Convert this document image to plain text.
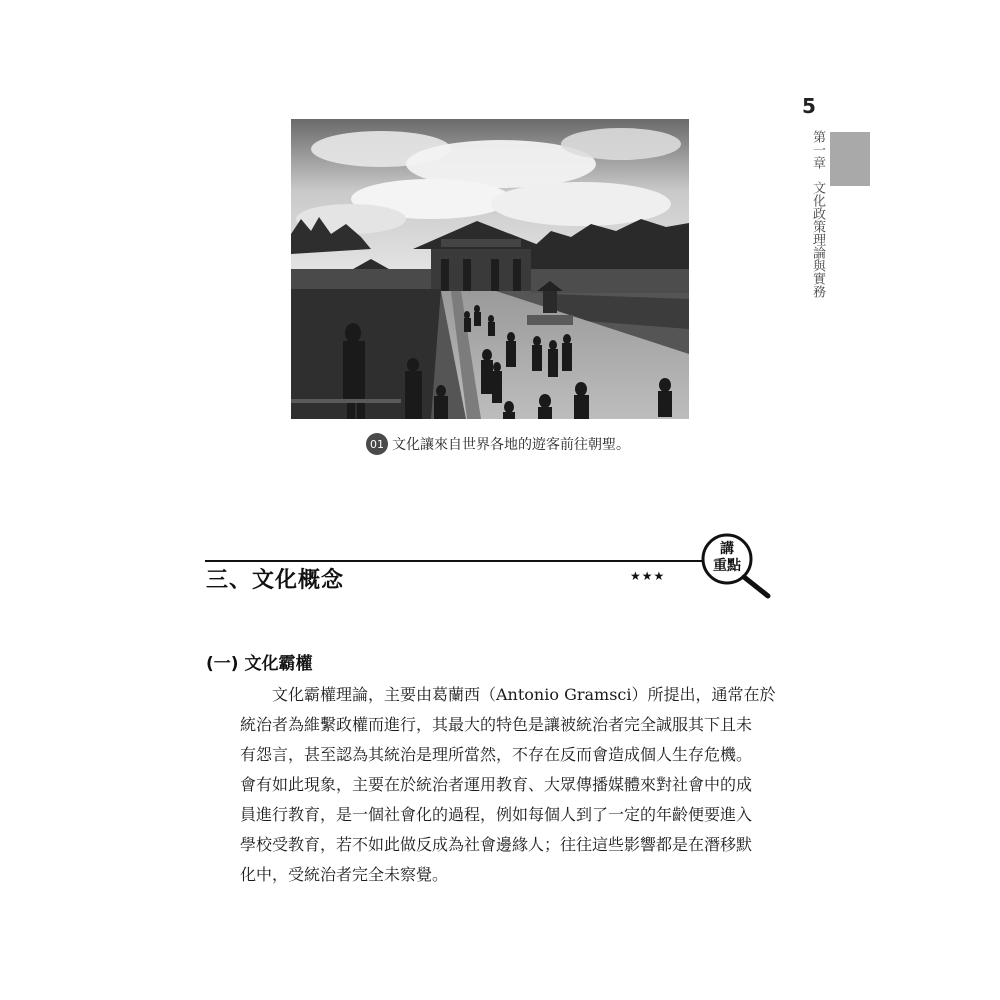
5
第一章文化政策理論與實務
01 文化讓來自世界各地的遊客前往朝聖。
三、文化概念	★★★
講
重點
(一) 文化霸權
文化霸權理論，主要由葛蘭西（Antonio Gramsci）所提出，通常在於
統治者為維繫政權而進行，其最大的特色是讓被統治者完全誠服其下且未
有怨言，甚至認為其統治是理所當然，不存在反而會造成個人生存危機。
會有如此現象，主要在於統治者運用教育、大眾傳播媒體來對社會中的成
員進行教育，是一個社會化的過程，例如每個人到了一定的年齡便要進入
學校受教育，若不如此做反成為社會邊緣人；往往這些影響都是在潛移默
化中，受統治者完全未察覺。
